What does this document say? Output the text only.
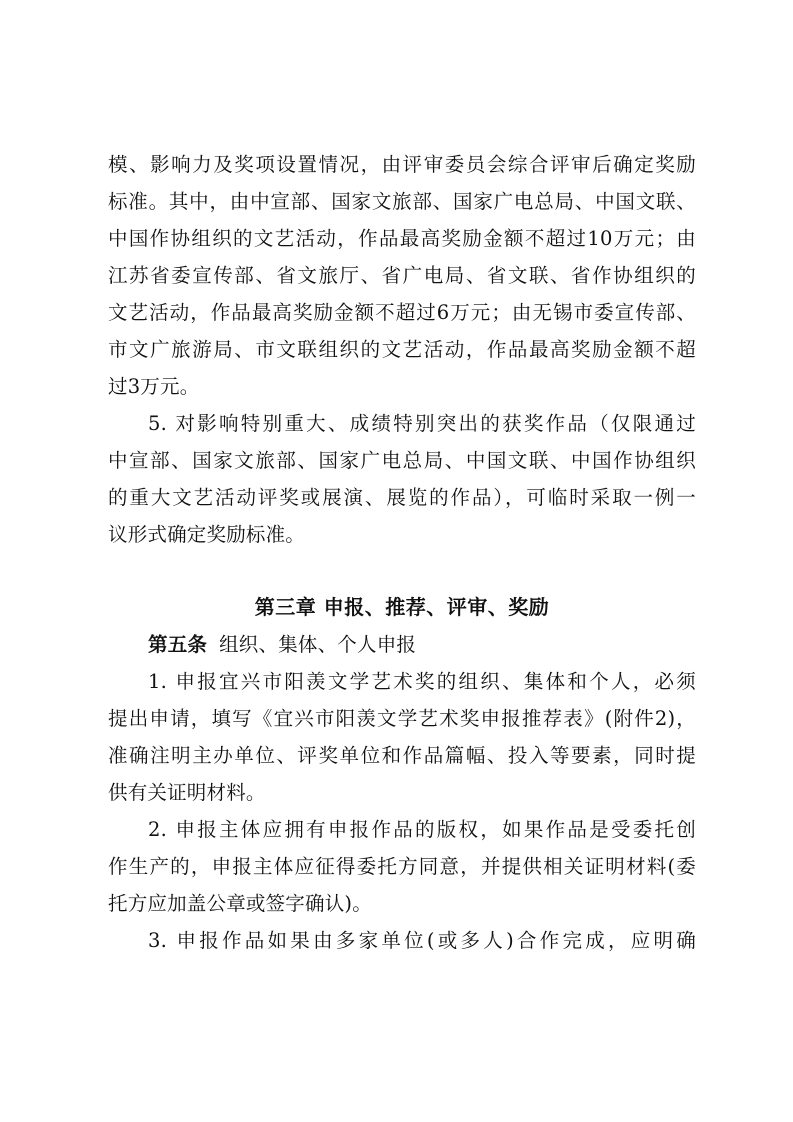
模、影响力及奖项设置情况，由评审委员会综合评审后确定奖励
标准。其中，由中宣部、国家文旅部、国家广电总局、中国文联、
中国作协组织的文艺活动，作品最高奖励金额不超过10万元；由
江苏省委宣传部、省文旅厅、省广电局、省文联、省作协组织的
文艺活动，作品最高奖励金额不超过6万元；由无锡市委宣传部、
市文广旅游局、市文联组织的文艺活动，作品最高奖励金额不超
过3万元。
5. 对影响特别重大、成绩特别突出的获奖作品（仅限通过
中宣部、国家文旅部、国家广电总局、中国文联、中国作协组织
的重大文艺活动评奖或展演、展览的作品），可临时采取一例一
议形式确定奖励标准。
第三章 申报、推荐、评审、奖励
第五条 组织、集体、个人申报
1. 申报宜兴市阳羡文学艺术奖的组织、集体和个人，必须
提出申请，填写《宜兴市阳羡文学艺术奖申报推荐表》(附件2)，
准确注明主办单位、评奖单位和作品篇幅、投入等要素，同时提
供有关证明材料。
2. 申报主体应拥有申报作品的版权，如果作品是受委托创
作生产的，申报主体应征得委托方同意，并提供相关证明材料(委
托方应加盖公章或签字确认)。
3. 申报作品如果由多家单位(或多人)合作完成，应明确
